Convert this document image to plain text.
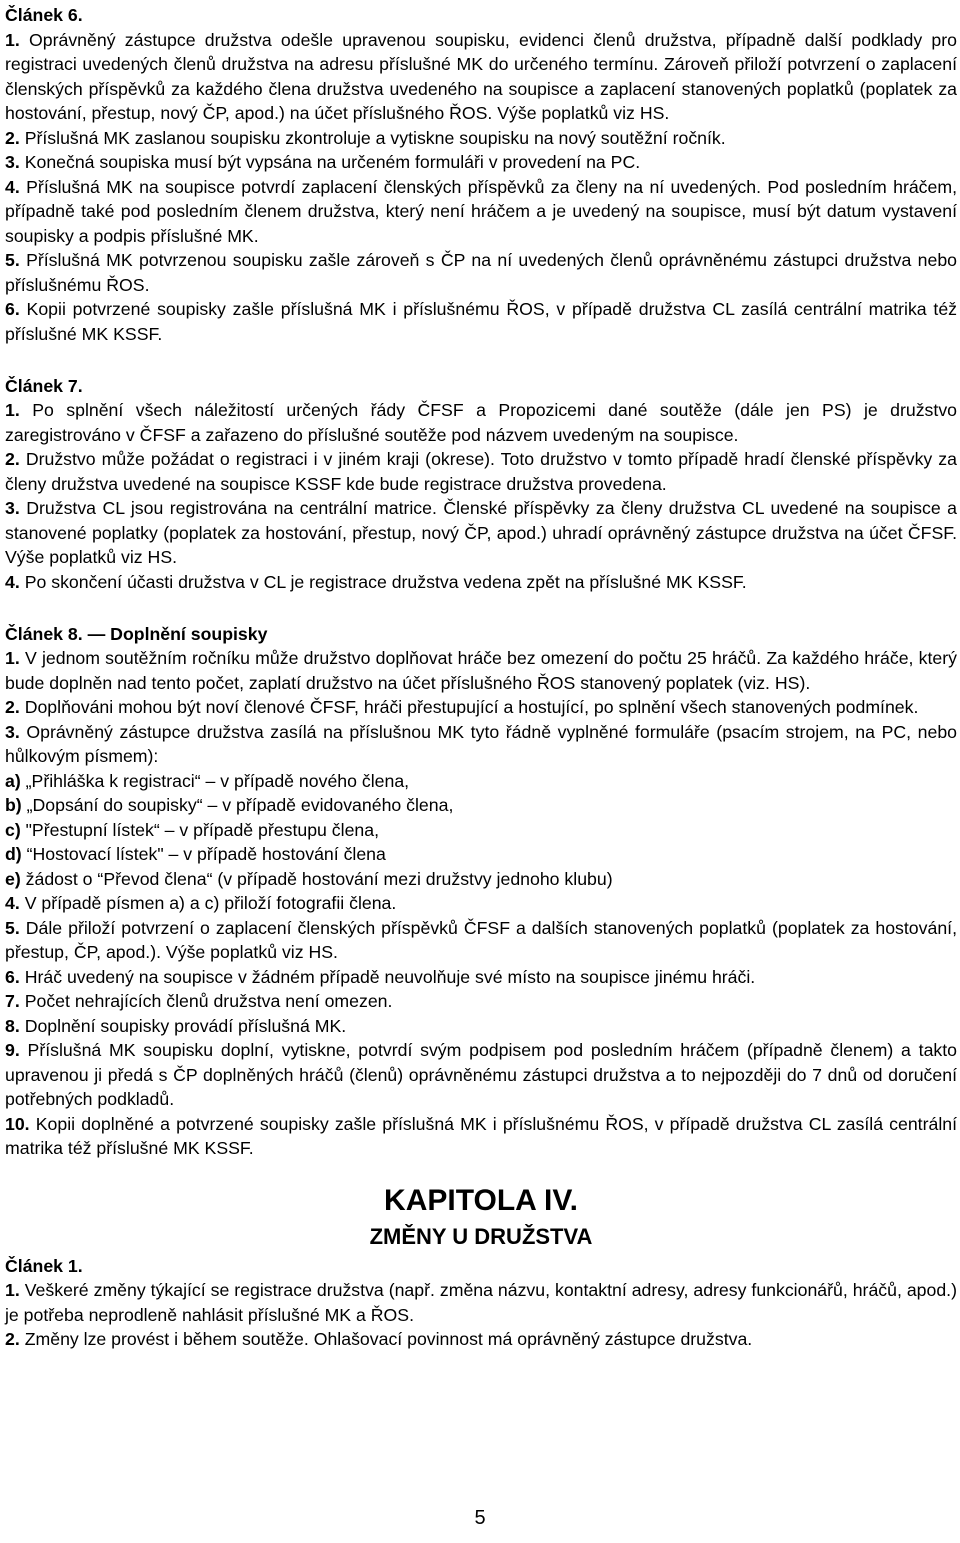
Článek 6.

1. Oprávněný zástupce družstva odešle upravenou soupisku, evidenci členů družstva, případně další podklady pro registraci uvedených členů družstva na adresu příslušné MK do určeného termínu. Zároveň přiloží potvrzení o zaplacení členských příspěvků za každého člena družstva uvedeného na soupisce a zaplacení stanovených poplatků (poplatek za hostování, přestup, nový ČP, apod.) na účet příslušného ŘOS. Výše poplatků viz HS.

2. Příslušná MK zaslanou soupisku zkontroluje a vytiskne soupisku na nový soutěžní ročník.

3. Konečná soupiska musí být vypsána na určeném formuláři v provedení na PC.

4. Příslušná MK na soupisce potvrdí zaplacení členských příspěvků za členy na ní uvedených. Pod posledním hráčem, případně také pod posledním členem družstva, který není hráčem a je uvedený na soupisce, musí být datum vystavení soupisky a podpis příslušné MK.

5. Příslušná MK potvrzenou soupisku zašle zároveň s ČP na ní uvedených členů oprávněnému zástupci družstva nebo příslušnému ŘOS.

6. Kopii potvrzené soupisky zašle příslušná MK i příslušnému ŘOS, v případě družstva CL zasílá centrální matrika též příslušné MK KSSF.

Článek 7.

1. Po splnění všech náležitostí určených řády ČFSF a Propozicemi dané soutěže (dále jen PS) je družstvo zaregistrováno v ČFSF a zařazeno do příslušné soutěže pod názvem uvedeným na soupisce.

2. Družstvo může požádat o registraci i v jiném kraji (okrese). Toto družstvo v tomto případě hradí členské příspěvky za členy družstva uvedené na soupisce KSSF kde bude registrace družstva provedena.

3. Družstva CL jsou registrována na centrální matrice. Členské příspěvky za členy družstva CL uvedené na soupisce a stanovené poplatky (poplatek za hostování, přestup, nový ČP, apod.) uhradí oprávněný zástupce družstva na účet ČFSF. Výše poplatků viz HS.

4. Po skončení účasti družstva v CL je registrace družstva vedena zpět na příslušné MK KSSF.

Článek 8. — Doplnění soupisky

1. V jednom soutěžním ročníku může družstvo doplňovat hráče bez omezení do počtu 25 hráčů. Za každého hráče, který bude doplněn nad tento počet, zaplatí družstvo na účet příslušného ŘOS stanovený poplatek (viz. HS).

2. Doplňováni mohou být noví členové ČFSF, hráči přestupující a hostující, po splnění všech stanovených podmínek.

3. Oprávněný zástupce družstva zasílá na příslušnou MK tyto řádně vyplněné formuláře (psacím strojem, na PC, nebo hůlkovým písmem):

a) „Přihláška k registraci“ – v případě nového člena,

b) „Dopsání do soupisky“ – v případě evidovaného člena,

c) "Přestupní lístek“ – v případě přestupu člena,

d) “Hostovací lístek" – v případě hostování člena

e) žádost o “Převod člena“ (v případě hostování mezi družstvy jednoho klubu)

4. V případě písmen a) a c) přiloží fotografii člena.

5. Dále přiloží potvrzení o zaplacení členských příspěvků ČFSF a dalších stanovených poplatků (poplatek za hostování, přestup, ČP, apod.). Výše poplatků viz HS.

6. Hráč uvedený na soupisce v žádném případě neuvolňuje své místo na soupisce jinému hráči.

7. Počet nehrajících členů družstva není omezen.

8. Doplnění soupisky provádí příslušná MK.

9. Příslušná MK soupisku doplní, vytiskne, potvrdí svým podpisem pod posledním hráčem (případně členem) a takto upravenou ji předá s ČP doplněných hráčů (členů) oprávněnému zástupci družstva a to nejpozději do 7 dnů od doručení potřebných podkladů.

10. Kopii doplněné a potvrzené soupisky zašle příslušná MK i příslušnému ŘOS, v případě družstva CL zasílá centrální matrika též příslušné MK KSSF.

KAPITOLA IV.

ZMĚNY U DRUŽSTVA

Článek 1.

1. Veškeré změny týkající se registrace družstva (např. změna názvu, kontaktní adresy, adresy funkcionářů, hráčů, apod.) je potřeba neprodleně nahlásit příslušné MK a ŘOS.

2. Změny lze provést i během soutěže. Ohlašovací povinnost má oprávněný zástupce družstva.

5
